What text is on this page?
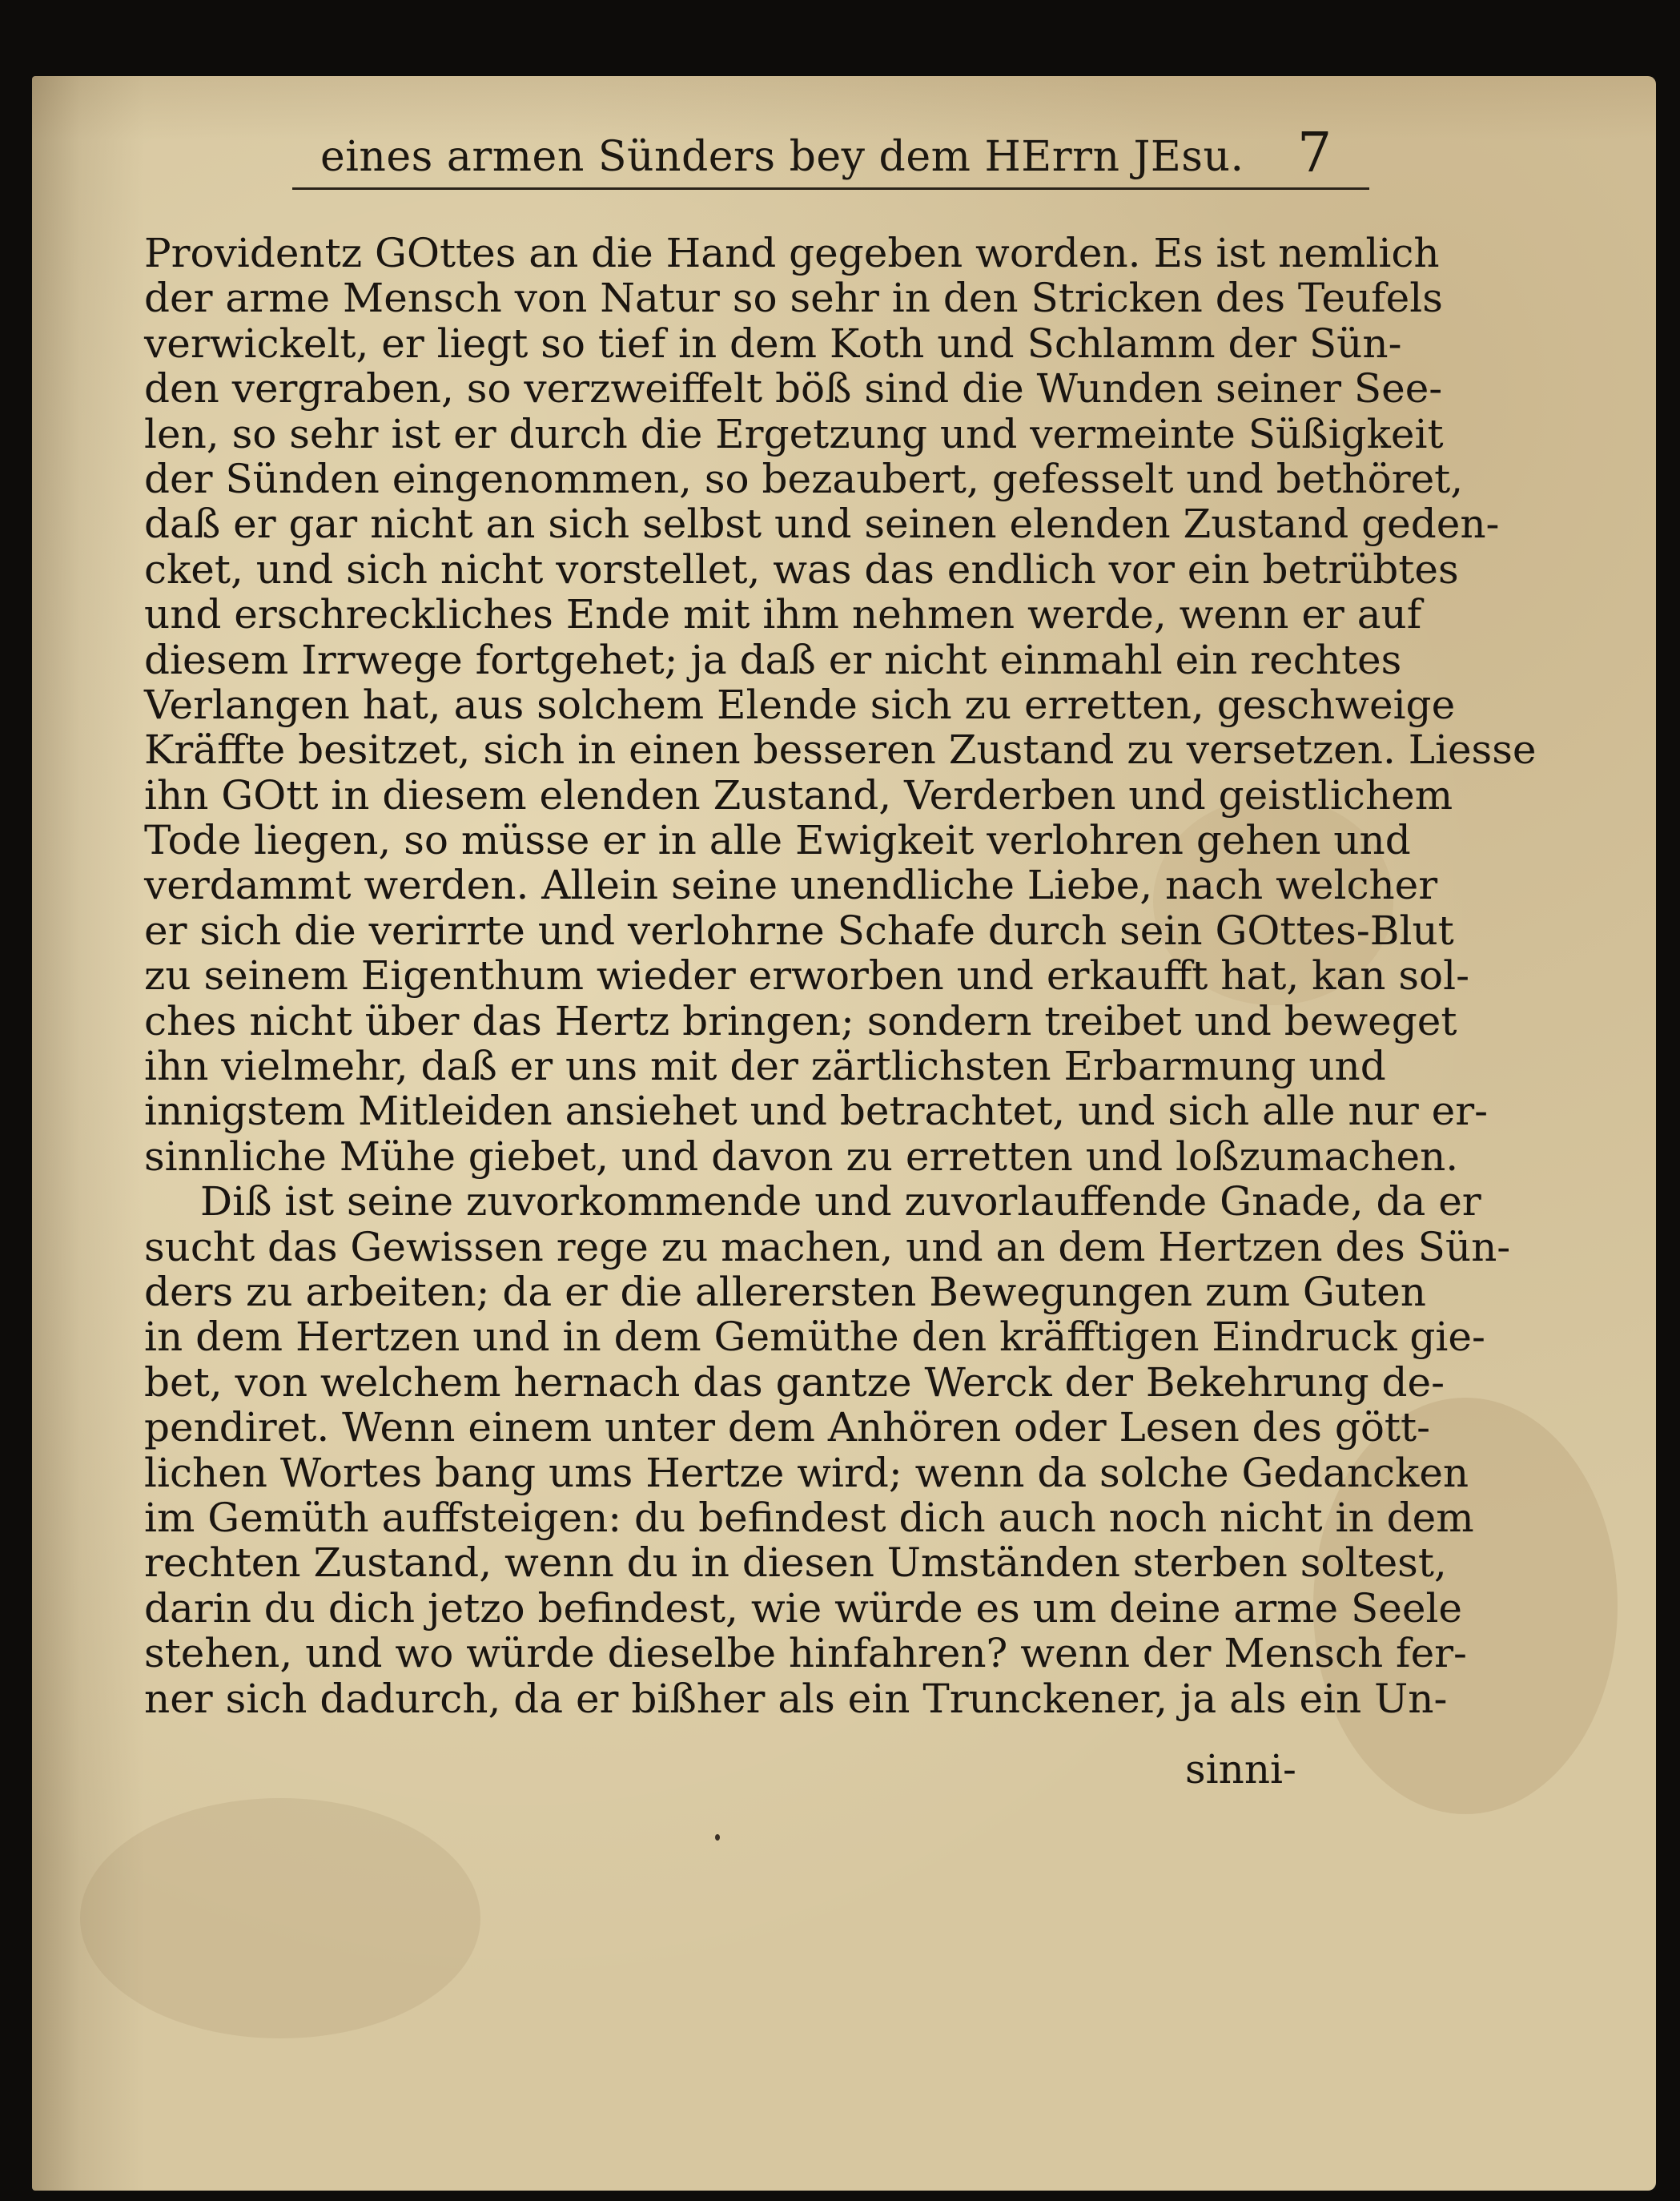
eines armen Sünders bey dem HErrn JEsu. 7
Providentz GOttes an die Hand gegeben worden. Es ist nemlich
der arme Mensch von Natur so sehr in den Stricken des Teufels
verwickelt, er liegt so tief in dem Koth und Schlamm der Sün-
den vergraben, so verzweiffelt böß sind die Wunden seiner See-
len, so sehr ist er durch die Ergetzung und vermeinte Süßigkeit
der Sünden eingenommen, so bezaubert, gefesselt und bethöret,
daß er gar nicht an sich selbst und seinen elenden Zustand geden-
cket, und sich nicht vorstellet, was das endlich vor ein betrübtes
und erschreckliches Ende mit ihm nehmen werde, wenn er auf
diesem Irrwege fortgehet; ja daß er nicht einmahl ein rechtes
Verlangen hat, aus solchem Elende sich zu erretten, geschweige
Kräffte besitzet, sich in einen besseren Zustand zu versetzen. Liesse
ihn GOtt in diesem elenden Zustand, Verderben und geistlichem
Tode liegen, so müsse er in alle Ewigkeit verlohren gehen und
verdammt werden. Allein seine unendliche Liebe, nach welcher
er sich die verirrte und verlohrne Schafe durch sein GOttes-Blut
zu seinem Eigenthum wieder erworben und erkaufft hat, kan sol-
ches nicht über das Hertz bringen; sondern treibet und beweget
ihn vielmehr, daß er uns mit der zärtlichsten Erbarmung und
innigstem Mitleiden ansiehet und betrachtet, und sich alle nur er-
sinnliche Mühe giebet, und davon zu erretten und loßzumachen.
Diß ist seine zuvorkommende und zuvorlauffende Gnade, da er
sucht das Gewissen rege zu machen, und an dem Hertzen des Sün-
ders zu arbeiten; da er die allerersten Bewegungen zum Guten
in dem Hertzen und in dem Gemüthe den kräfftigen Eindruck gie-
bet, von welchem hernach das gantze Werck der Bekehrung de-
pendiret. Wenn einem unter dem Anhören oder Lesen des gött-
lichen Wortes bang ums Hertze wird; wenn da solche Gedancken
im Gemüth auffsteigen: du befindest dich auch noch nicht in dem
rechten Zustand, wenn du in diesen Umständen sterben soltest,
darin du dich jetzo befindest, wie würde es um deine arme Seele
stehen, und wo würde dieselbe hinfahren? wenn der Mensch fer-
ner sich dadurch, da er bißher als ein Trunckener, ja als ein Un-
sinni-
